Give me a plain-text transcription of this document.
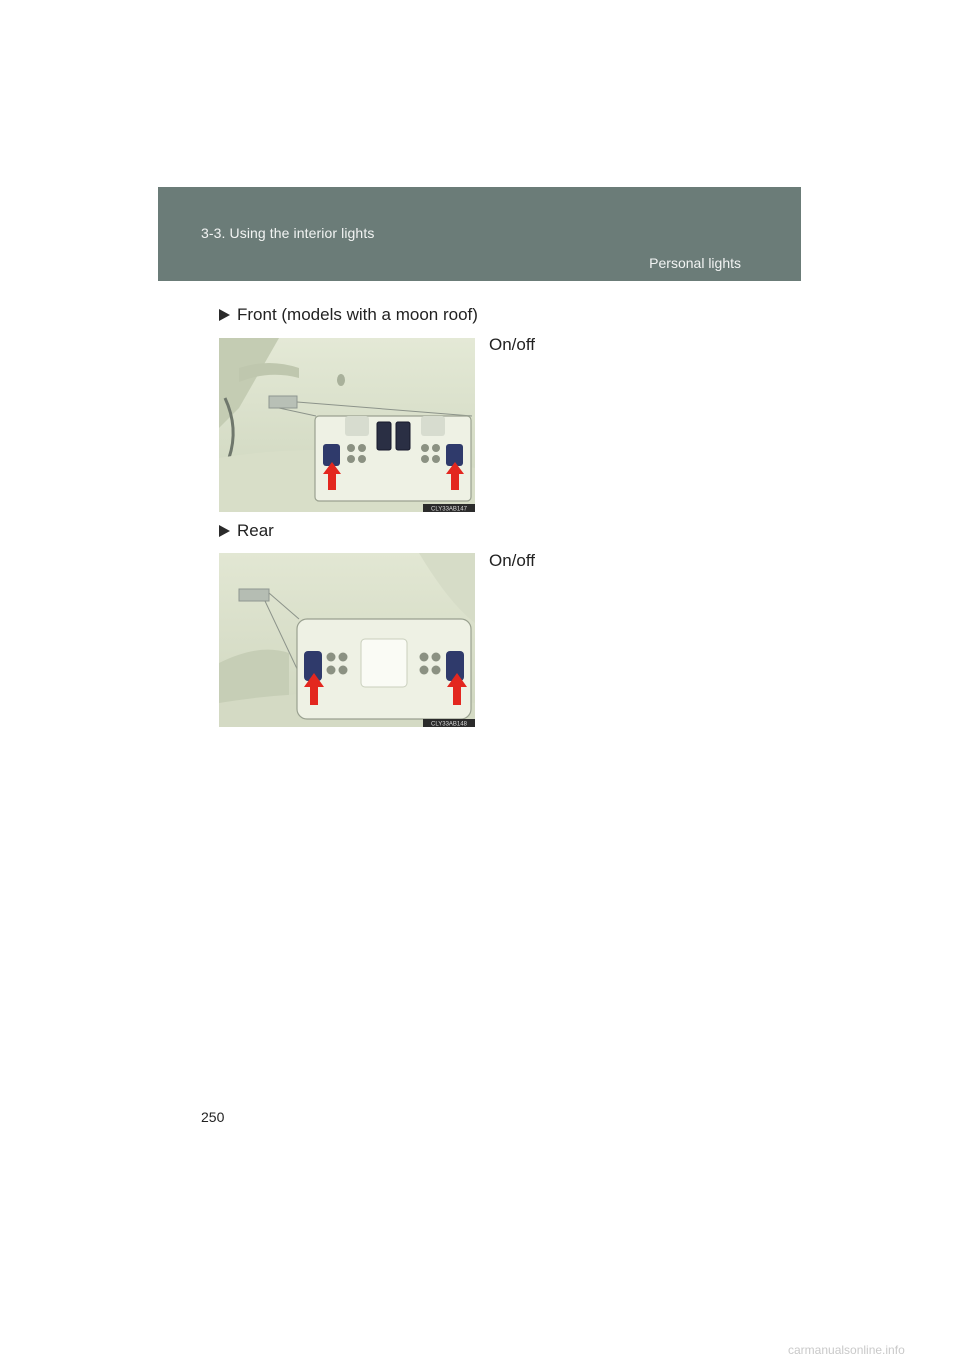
3-3. Using the interior lights
Personal lights
Front (models with a moon roof)
On/off
CLY33AB147
Rear
On/off
CLY33AB148
250
carmanualsonline.info
